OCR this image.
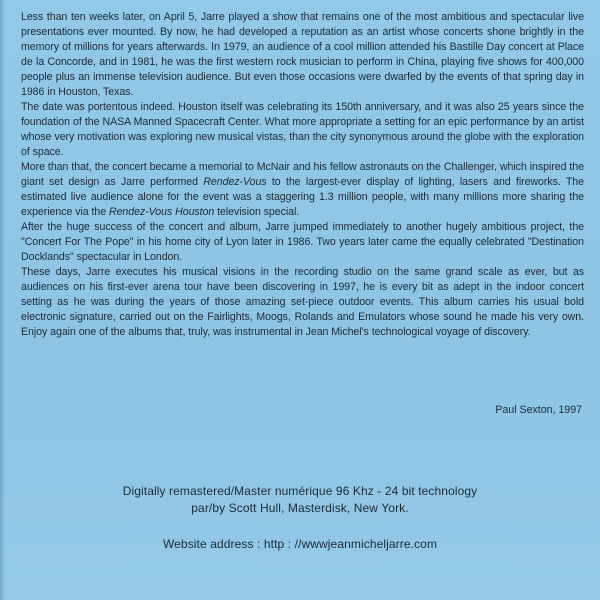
Less than ten weeks later, on April 5, Jarre played a show that remains one of the most ambitious and spectacular live presentations ever mounted. By now, he had developed a reputation as an artist whose concerts shone brightly in the memory of millions for years afterwards. In 1979, an audience of a cool million attended his Bastille Day concert at Place de la Concorde, and in 1981, he was the first western rock musician to perform in China, playing five shows for 400,000 people plus an immense television audience. But even those occasions were dwarfed by the events of that spring day in 1986 in Houston, Texas.

The date was portentous indeed. Houston itself was celebrating its 150th anniversary, and it was also 25 years since the foundation of the NASA Manned Spacecraft Center. What more appropriate a setting for an epic performance by an artist whose very motivation was exploring new musical vistas, than the city synonymous around the globe with the exploration of space.

More than that, the concert became a memorial to McNair and his fellow astronauts on the Challenger, which inspired the giant set design as Jarre performed Rendez-Vous to the largest-ever display of lighting, lasers and fireworks. The estimated live audience alone for the event was a staggering 1.3 million people, with many millions more sharing the experience via the Rendez-Vous Houston television special.

After the huge success of the concert and album, Jarre jumped immediately to another hugely ambitious project, the "Concert For The Pope" in his home city of Lyon later in 1986. Two years later came the equally celebrated "Destination Docklands" spectacular in London.

These days, Jarre executes his musical visions in the recording studio on the same grand scale as ever, but as audiences on his first-ever arena tour have been discovering in 1997, he is every bit as adept in the indoor concert setting as he was during the years of those amazing set-piece outdoor events. This album carries his usual bold electronic signature, carried out on the Fairlights, Moogs, Rolands and Emulators whose sound he made his very own. Enjoy again one of the albums that, truly, was instrumental in Jean Michel's technological voyage of discovery.

Paul Sexton, 1997
Digitally remastered/Master numérique 96 Khz - 24 bit technology
par/by Scott Hull, Masterdisk, New York.
Website address : http : //wwwjeanmicheljarre.com
